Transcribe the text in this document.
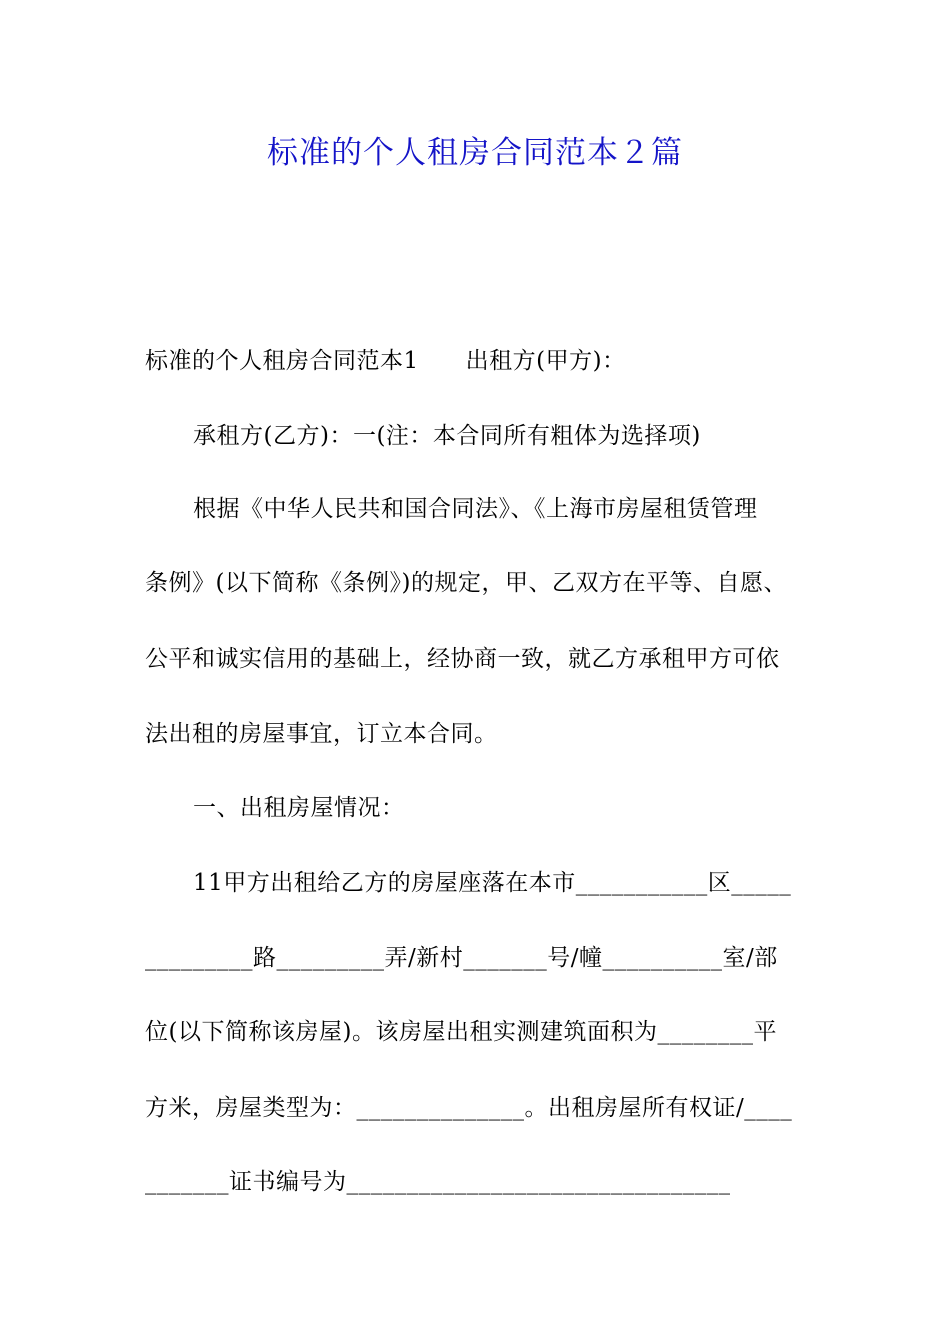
标准的个人租房合同范本２篇
标准的个人租房合同范本1　　出租方(甲方)：
承租方(乙方)：一(注：本合同所有粗体为选择项)
根据《中华人民共和国合同法》、《上海市房屋租赁管理
条例》(以下简称《条例》)的规定，甲、乙双方在平等、自愿、
公平和诚实信用的基础上，经协商一致，就乙方承租甲方可依
法出租的房屋事宜，订立本合同。
一、出租房屋情况：
11甲方出租给乙方的房屋座落在本市___________区_____
_________路_________弄/新村_______号/幢__________室/部
位(以下简称该房屋)。该房屋出租实测建筑面积为________平
方米，房屋类型为：______________。出租房屋所有权证/____
_______证书编号为________________________________
